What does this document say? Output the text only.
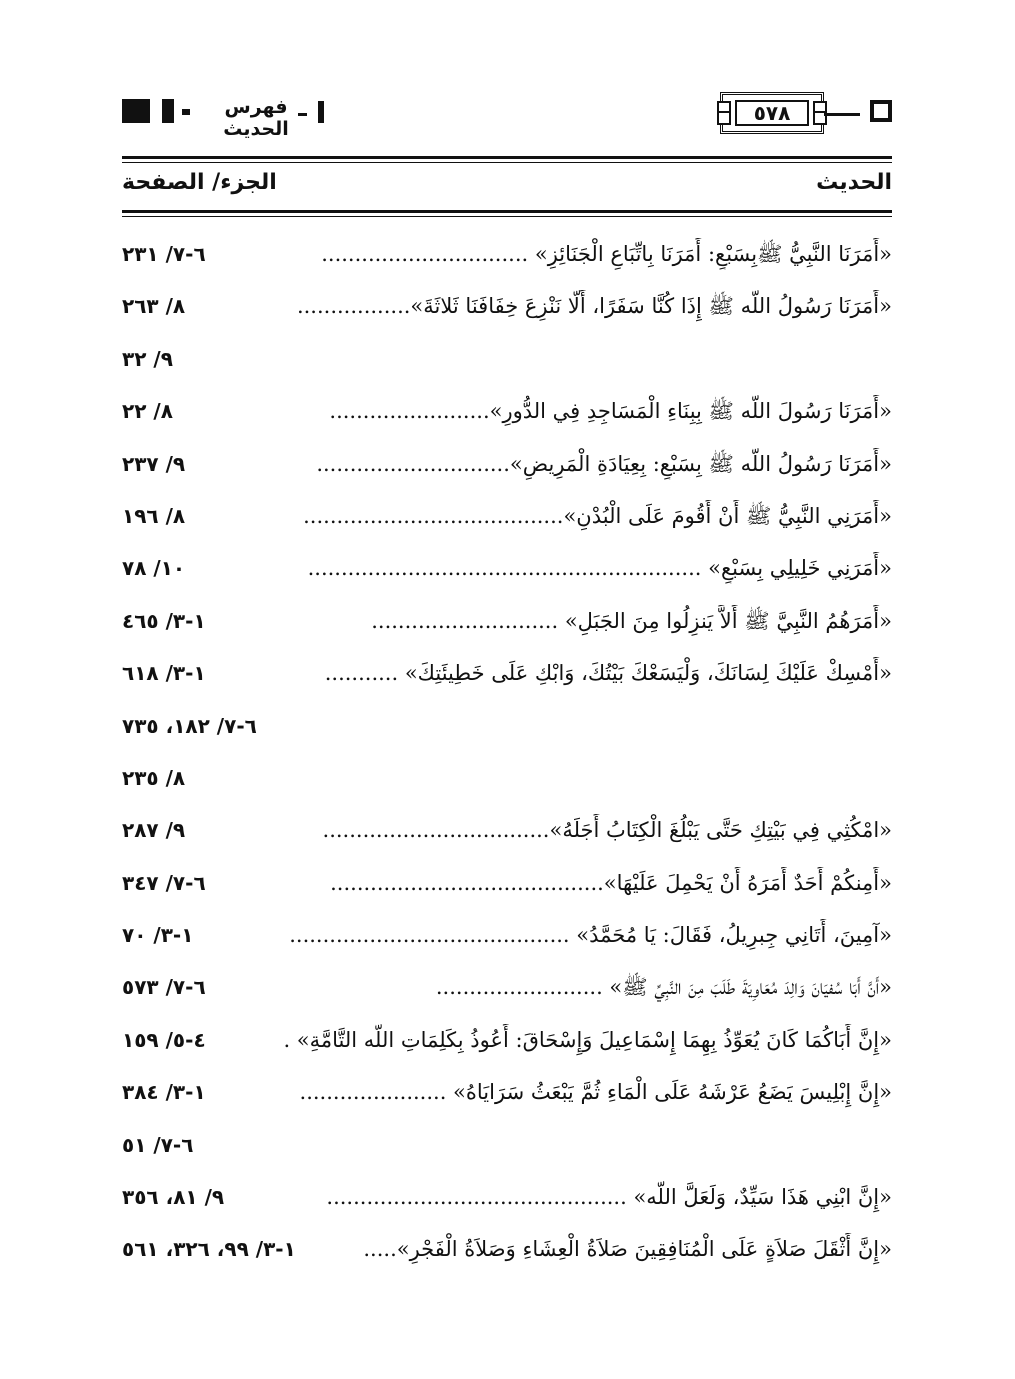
فهرس الحديث
٥٧٨
الحديث
الجزء/ الصفحة
«أَمَرَنَا النَّبِيُّ ﷺبِسَبْعٍ: أَمَرَنَا بِاتِّبَاعِ الْجَنَائِزِ» ...............................
٦-٧/ ٢٣١
«أَمَرَنَا رَسُولُ اللَّه ﷺ إِذَا كُنَّا سَفَرًا، أَلَّا نَنْزِعَ خِفَافَنَا ثَلاثَةَ».................
٨/ ٢٦٣
٩/ ٣٢
«أَمَرَنَا رَسُولَ اللَّه ﷺ بِبِنَاءِ الْمَسَاجِدِ فِي الدُّورِ»........................
٨/ ٢٢
«أَمَرَنَا رَسُولُ اللَّه ﷺ بِسَبْعٍ: بِعِيَادَةِ الْمَرِيضِ».............................
٩/ ٢٣٧
«أَمَرَنِي النَّبِيُّ ﷺ أَنْ أَقُومَ عَلَى الْبُدْنِ».......................................
٨/ ١٩٦
«أَمَرَنِي خَلِيلِي بِسَبْعٍ» ...........................................................
١٠/ ٧٨
«أَمَرَهُمُ النَّبِيَّ ﷺ أَلاَّ يَنزِلُوا مِنَ الجَبَلِ» ............................
١-٣/ ٤٦٥
«أَمْسِكْ عَلَيْكَ لِسَانَكَ، وَلْيَسَعْكَ بَيْتُكَ، وَابْكِ عَلَى خَطِيئَتِكَ» ...........
١-٣/ ٦١٨
٦-٧/ ١٨٢، ٧٣٥
٨/ ٢٣٥
«امْكُثِي فِي بَيْتِكِ حَتَّى يَبْلُغَ الْكِتَابُ أَجَلَهُ»..................................
٩/ ٢٨٧
«أَمِنكُمْ أَحَدٌ أَمَرَهُ أَنْ يَحْمِلَ عَلَيْهَا».........................................
٦-٧/ ٣٤٧
«آمِينَ، أَتَانِي جِبرِيلُ، فَقَالَ: يَا مُحَمَّدُ» ..........................................
١-٣/ ٧٠
«أَنَّ أَبَا سُفيَانَ وَالِدَ مُعَاوِيَةَ طَلَبَ مِنَ النَّبِيِّ ﷺ» .........................
٦-٧/ ٥٧٣
«إِنَّ أَبَاكُمَا كَانَ يُعَوِّذُ بِهِمَا إِسْمَاعِيلَ وَإِسْحَاقَ: أَعُوذُ بِكَلِمَاتِ اللَّه التَّامَّةِ» .
٤-٥/ ١٥٩
«إِنَّ إِبْلِيسَ يَضَعُ عَرْشَهُ عَلَى الْمَاءِ ثُمَّ يَبْعَثُ سَرَايَاهُ» ......................
١-٣/ ٣٨٤
٦-٧/ ٥١
«إِنَّ ابْنِي هَذَا سَيِّدٌ، وَلَعَلَّ اللَّه» .............................................
٩/ ٨١، ٣٥٦
«إِنَّ أَثْقَلَ صَلاَةٍ عَلَى الْمُنَافِقِينَ صَلاَةُ الْعِشَاءِ وَصَلاَةُ الْفَجْرِ».....
١-٣/ ٩٩، ٣٢٦، ٥٦١
